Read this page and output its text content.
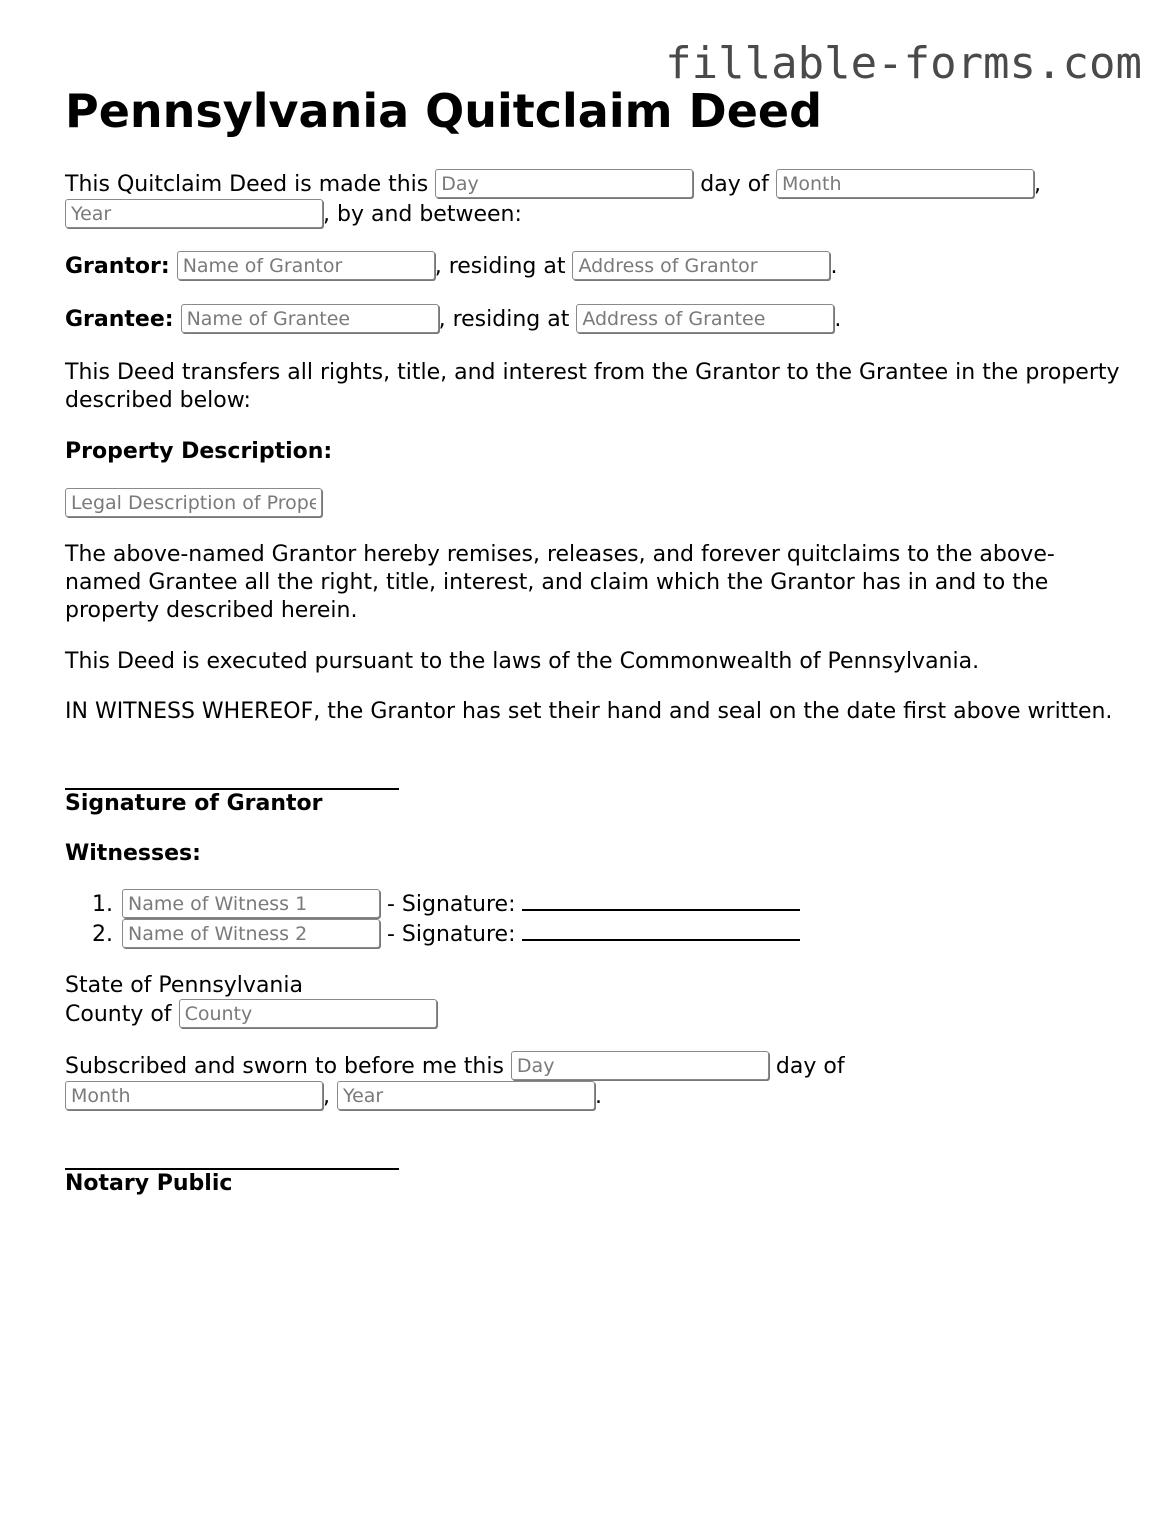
fillable-forms.com
Pennsylvania Quitclaim Deed

This Quitclaim Deed is made this Day	day of Month	,
Year, by and between:

Grantor: Name of Grantor	, residing at Address of Grantor	.

Grantee: Name of Grantee	, residing at Address of Grantee	.

This Deed transfers all rights, title, and interest from the Grantor to the Grantee in the property described below:

Property Description:

Legal Description of Property

The above-named Grantor hereby remises, releases, and forever quitclaims to the above-named Grantee all the right, title, interest, and claim which the Grantor has in and to the property described herein.

This Deed is executed pursuant to the laws of the Commonwealth of Pennsylvania.

IN WITNESS WHEREOF, the Grantor has set their hand and seal on the date first above written.

Signature of Grantor

Witnesses:

1.
Name of Witness 1	- Signature:
2.
Name of Witness 2	- Signature:

State of Pennsylvania

County of County

Subscribed and sworn to before me this Day	day of
Month, Year	.

Notary Public
